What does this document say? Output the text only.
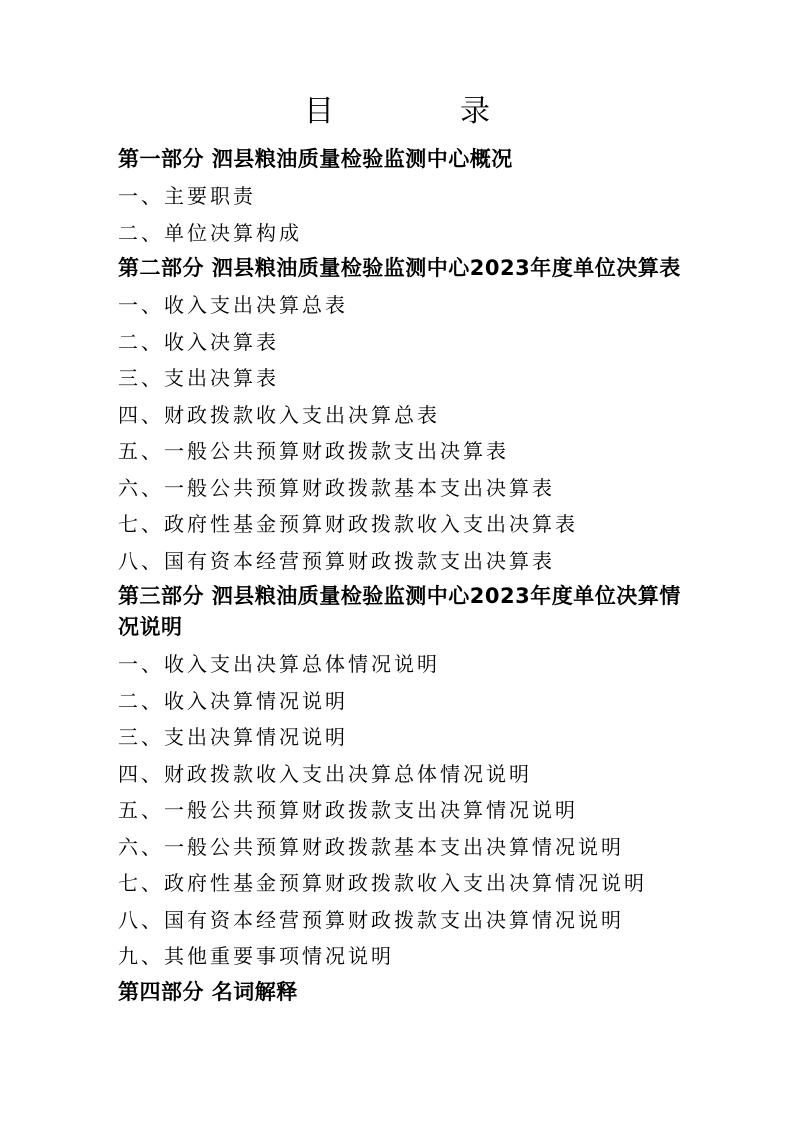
目　录

第一部分 泗县粮油质量检验监测中心概况

一、主要职责

二、单位决算构成

第二部分 泗县粮油质量检验监测中心2023年度单位决算表

一、收入支出决算总表

二、收入决算表

三、支出决算表

四、财政拨款收入支出决算总表

五、一般公共预算财政拨款支出决算表

六、一般公共预算财政拨款基本支出决算表

七、政府性基金预算财政拨款收入支出决算表

八、国有资本经营预算财政拨款支出决算表

第三部分 泗县粮油质量检验监测中心2023年度单位决算情况说明

一、收入支出决算总体情况说明

二、收入决算情况说明

三、支出决算情况说明

四、财政拨款收入支出决算总体情况说明

五、一般公共预算财政拨款支出决算情况说明

六、一般公共预算财政拨款基本支出决算情况说明

七、政府性基金预算财政拨款收入支出决算情况说明

八、国有资本经营预算财政拨款支出决算情况说明

九、其他重要事项情况说明

第四部分 名词解释
